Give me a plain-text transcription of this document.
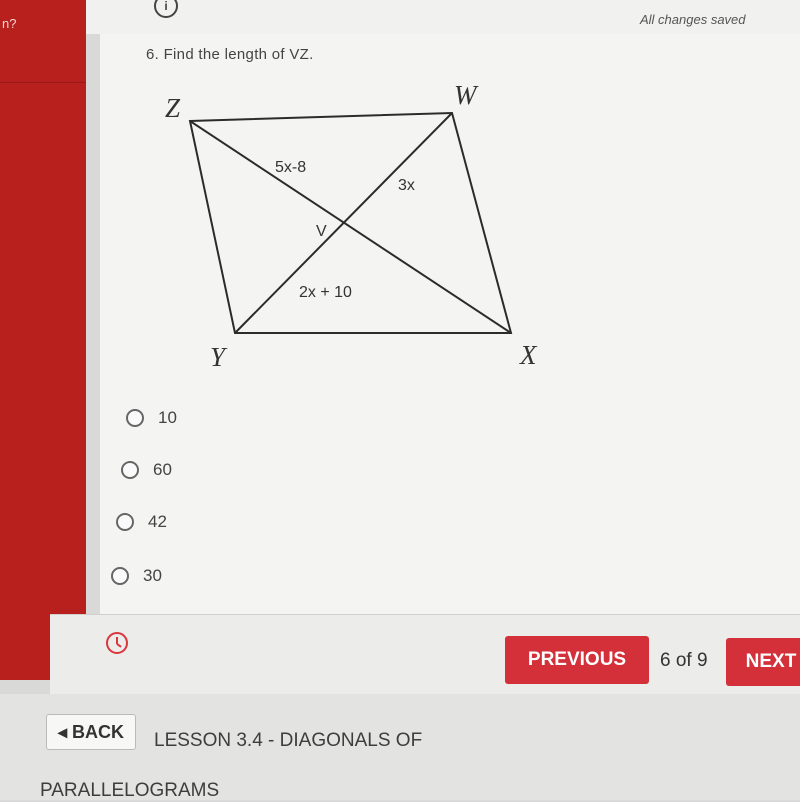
n?
i
All changes saved
6. Find the length of VZ.
Z	W
Y	X
V
5x-8
3x
2x + 10
10
60
42
30
PREVIOUS	6 of 9	NEXT
◂ BACK	LESSON 3.4 - DIAGONALS OF
PARALLELOGRAMS
